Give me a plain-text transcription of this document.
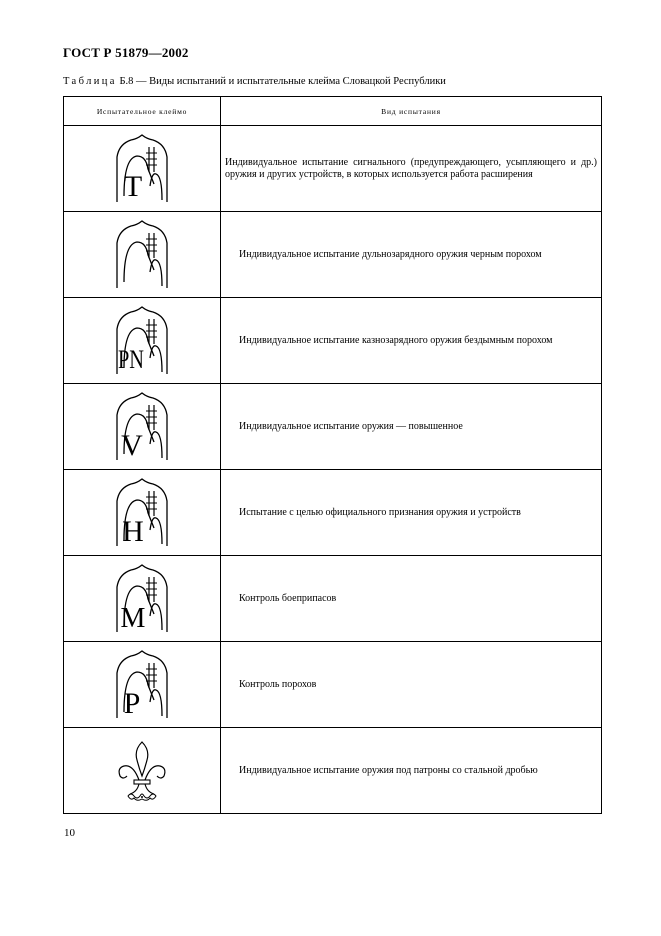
ГОСТ Р 51879—2002
Таблица Б.8 — Виды испытаний и испытательные клейма Словацкой Республики
Испытательное клеймо	Вид испытания

T	Индивидуальное испытание сигнального (предупреждающего, усыпляющего и др.) оружия и других устройств, в которых используется работа расширения

	Индивидуальное испытание дульнозарядного оружия черным порохом

PN	Индивидуальное испытание казнозарядного оружия бездымным порохом

V	Индивидуальное испытание оружия — повышенное

H	Испытание с целью официального признания оружия и устройств

M	Контроль боеприпасов

P	Контроль порохов

	Индивидуальное испытание оружия под патроны со стальной дробью
10
